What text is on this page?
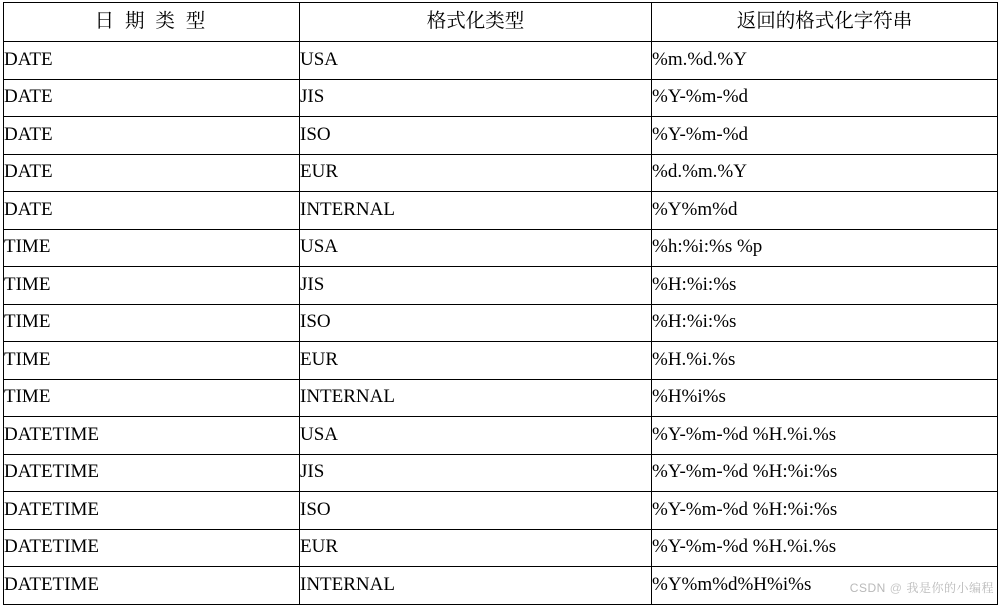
日 期 类 型	格式化类型	返回的格式化字符串
DATE	USA	%m.%d.%Y
DATE	JIS	%Y-%m-%d
DATE	ISO	%Y-%m-%d
DATE	EUR	%d.%m.%Y
DATE	INTERNAL	%Y%m%d
TIME	USA	%h:%i:%s %p
TIME	JIS	%H:%i:%s
TIME	ISO	%H:%i:%s
TIME	EUR	%H.%i.%s
TIME	INTERNAL	%H%i%s
DATETIME	USA	%Y-%m-%d %H.%i.%s
DATETIME	JIS	%Y-%m-%d %H:%i:%s
DATETIME	ISO	%Y-%m-%d %H:%i:%s
DATETIME	EUR	%Y-%m-%d %H.%i.%s
DATETIME	INTERNAL	%Y%m%d%H%i%s	CSDN @ 我是你的小编程
